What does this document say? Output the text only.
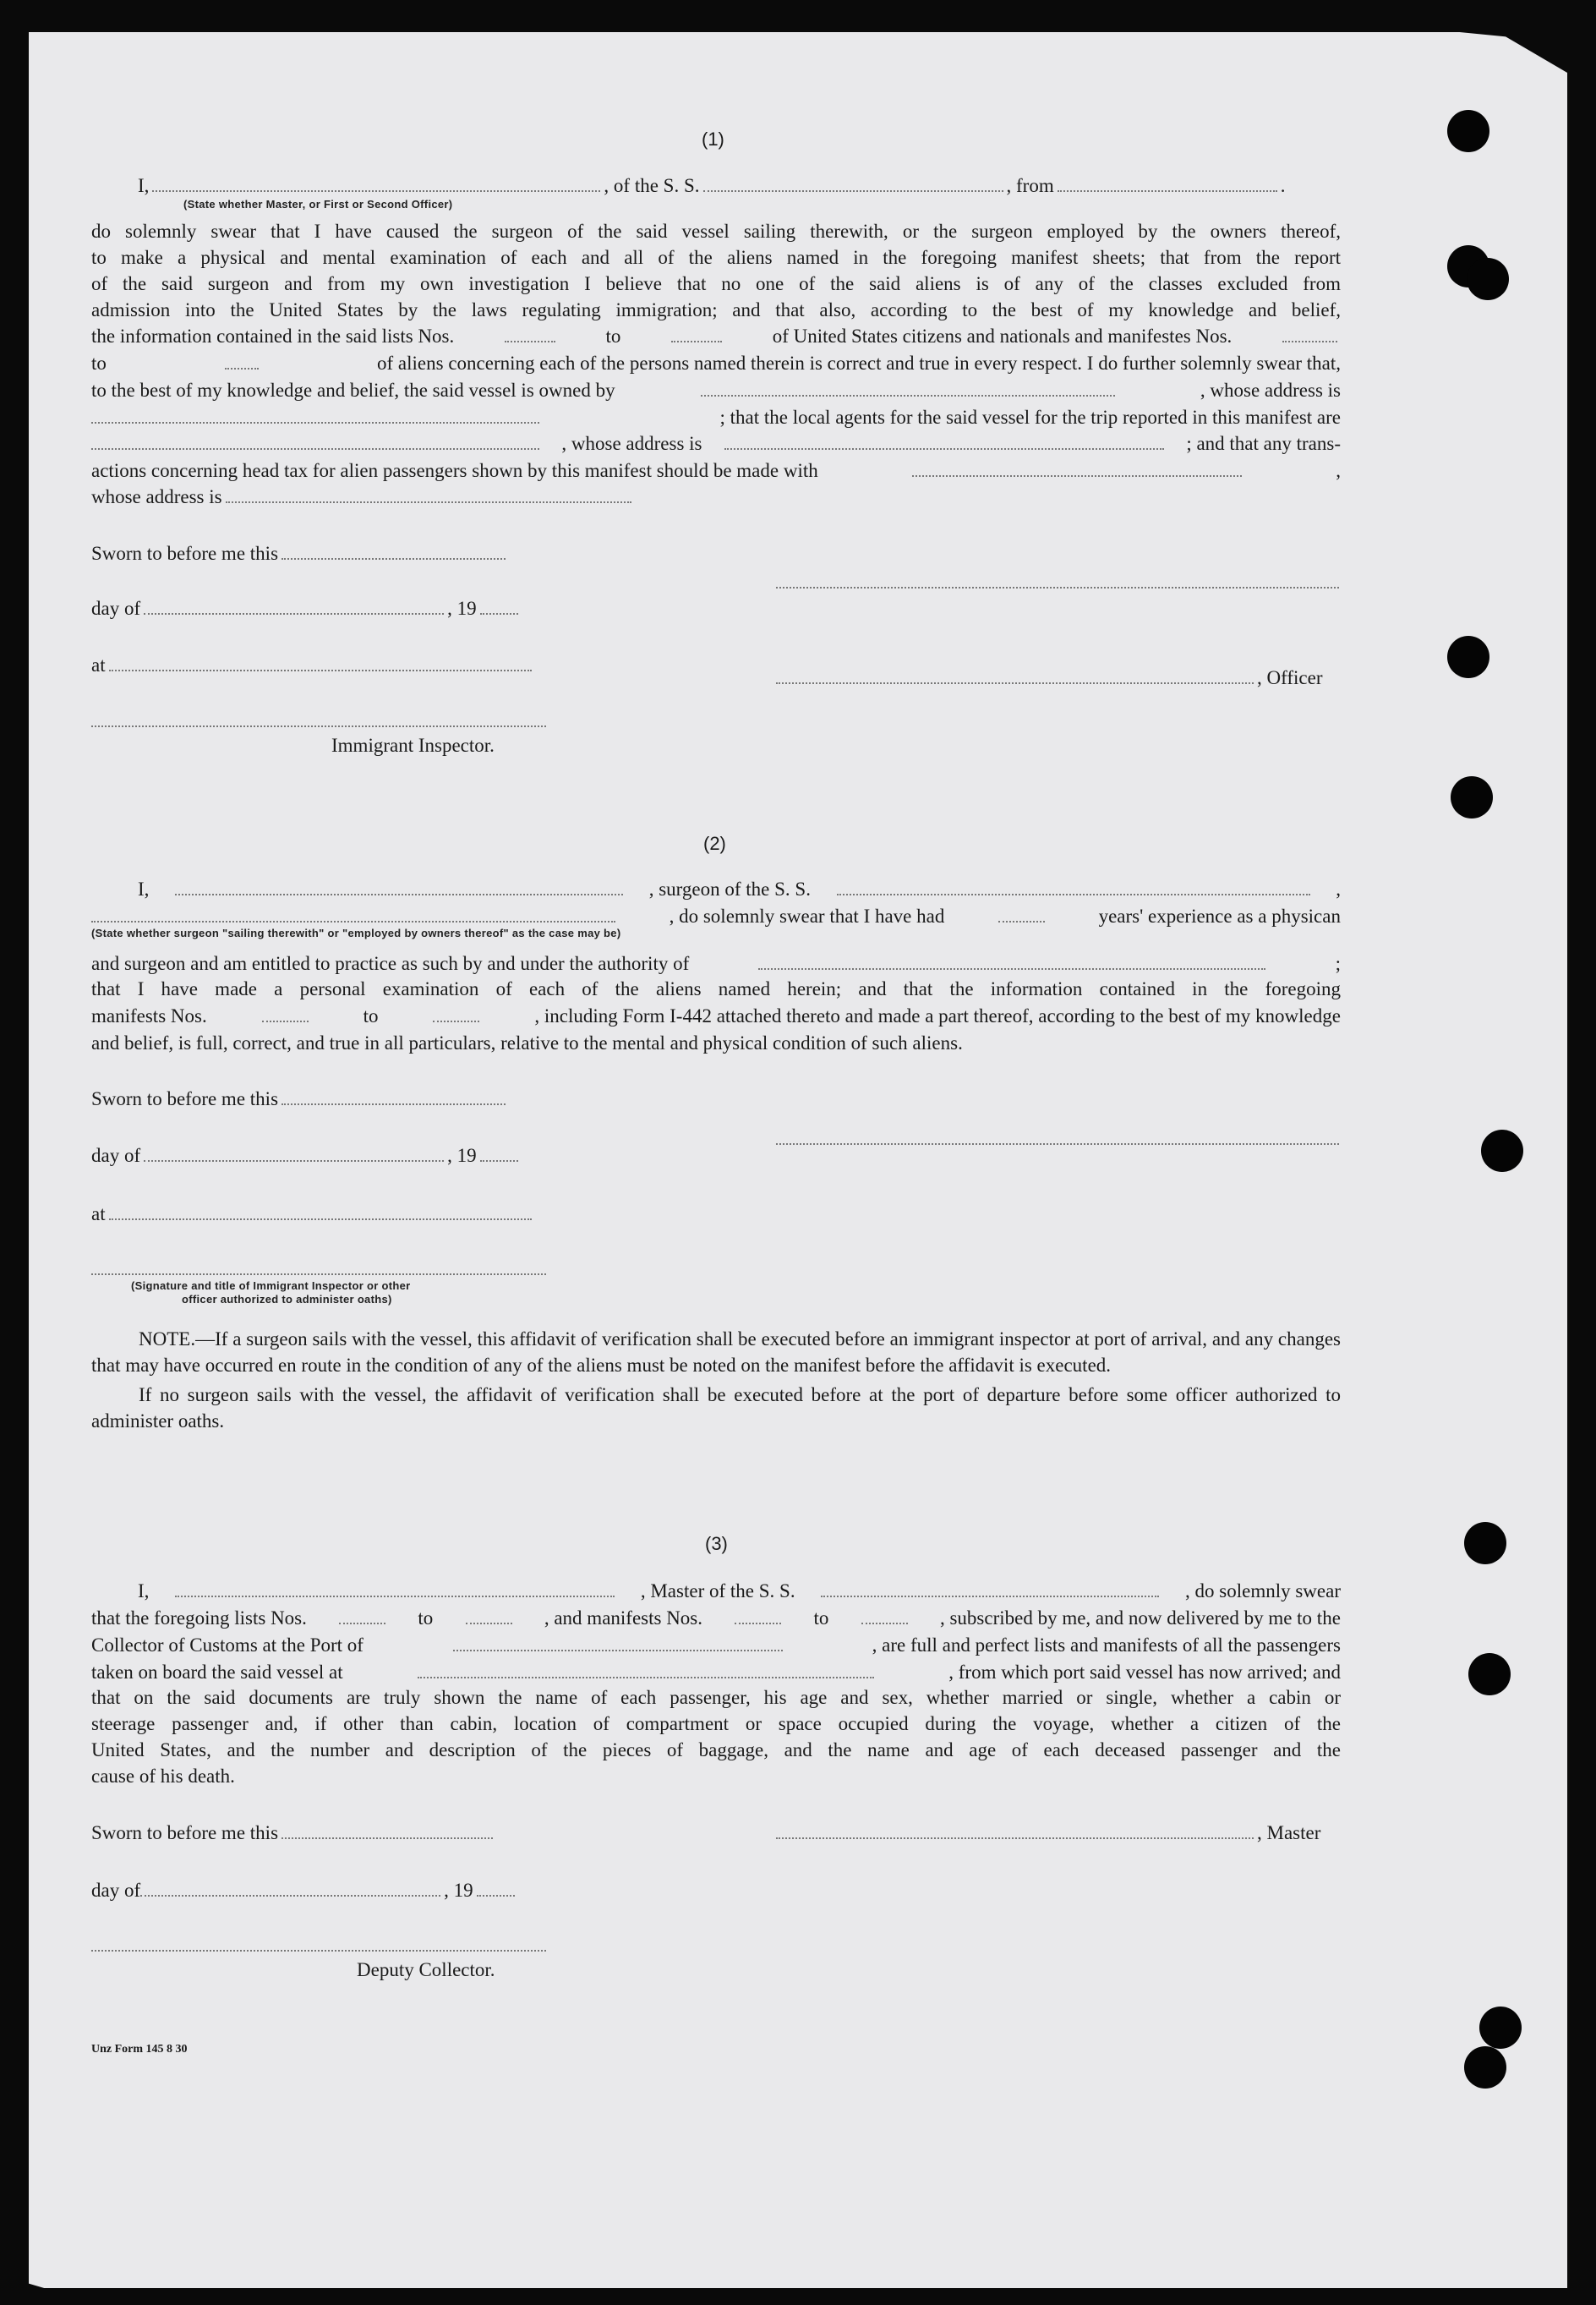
(1)
I,	, of the S. S.	, from	.
(State whether Master, or First or Second Officer)
do solemnly swear that I have caused the surgeon of the said vessel sailing therewith, or the surgeon employed by the owners thereof,
to make a physical and mental examination of each and all of the aliens named in the foregoing manifest sheets; that from the report
of the said surgeon and from my own investigation I believe that no one of the said aliens is of any of the classes excluded from
admission into the United States by the laws regulating immigration; and that also, according to the best of my knowledge and belief,
the information contained in the said lists Nos.	to	of United States citizens and nationals and manifestes Nos.
to	of aliens concerning each of the persons named therein is correct and true in every respect. I do further solemnly swear that,
to the best of my knowledge and belief, the said vessel is owned by	, whose address is
; that the local agents for the said vessel for the trip reported in this manifest are
, whose address is	; and that any trans-
actions concerning head tax for alien passengers shown by this manifest should be made with	,
whose address is
Sworn to before me this
day of	, 19
at
, Officer
Immigrant Inspector.
(2)
I,	, surgeon of the S. S.	,
, do solemnly swear that I have had	years' experience as a physican
(State whether surgeon "sailing therewith" or "employed by owners thereof" as the case may be)
and surgeon and am entitled to practice as such by and under the authority of	;
that I have made a personal examination of each of the aliens named herein; and that the information contained in the foregoing
manifests Nos.	to	, including Form I-442 attached thereto and made a part thereof, according to the best of my knowledge
and belief, is full, correct, and true in all particulars, relative to the mental and physical condition of such aliens.
Sworn to before me this
day of	, 19
at
(Signature and title of Immigrant Inspector or other
officer authorized to administer oaths)

NOTE.—If a surgeon sails with the vessel, this affidavit of verification shall be executed before an immigrant inspector at port of arrival, and any changes that may have occurred en route in the condition of any of the aliens must be noted on the manifest before the affidavit is executed.

If no surgeon sails with the vessel, the affidavit of verification shall be executed before at the port of departure before some officer authorized to administer oaths.

(3)
I,	, Master of the S. S.	, do solemnly swear
that the foregoing lists Nos.	to	, and manifests Nos.	to	, subscribed by me, and now delivered by me to the
Collector of Customs at the Port of	, are full and perfect lists and manifests of all the passengers
taken on board the said vessel at	, from which port said vessel has now arrived; and
that on the said documents are truly shown the name of each passenger, his age and sex, whether married or single, whether a cabin or
steerage passenger and, if other than cabin, location of compartment or space occupied during the voyage, whether a citizen of the
United States, and the number and description of the pieces of baggage, and the name and age of each deceased passenger and the
cause of his death.
Sworn to before me this	, Master
day of	, 19
Deputy Collector.
Unz Form 145 8 30
